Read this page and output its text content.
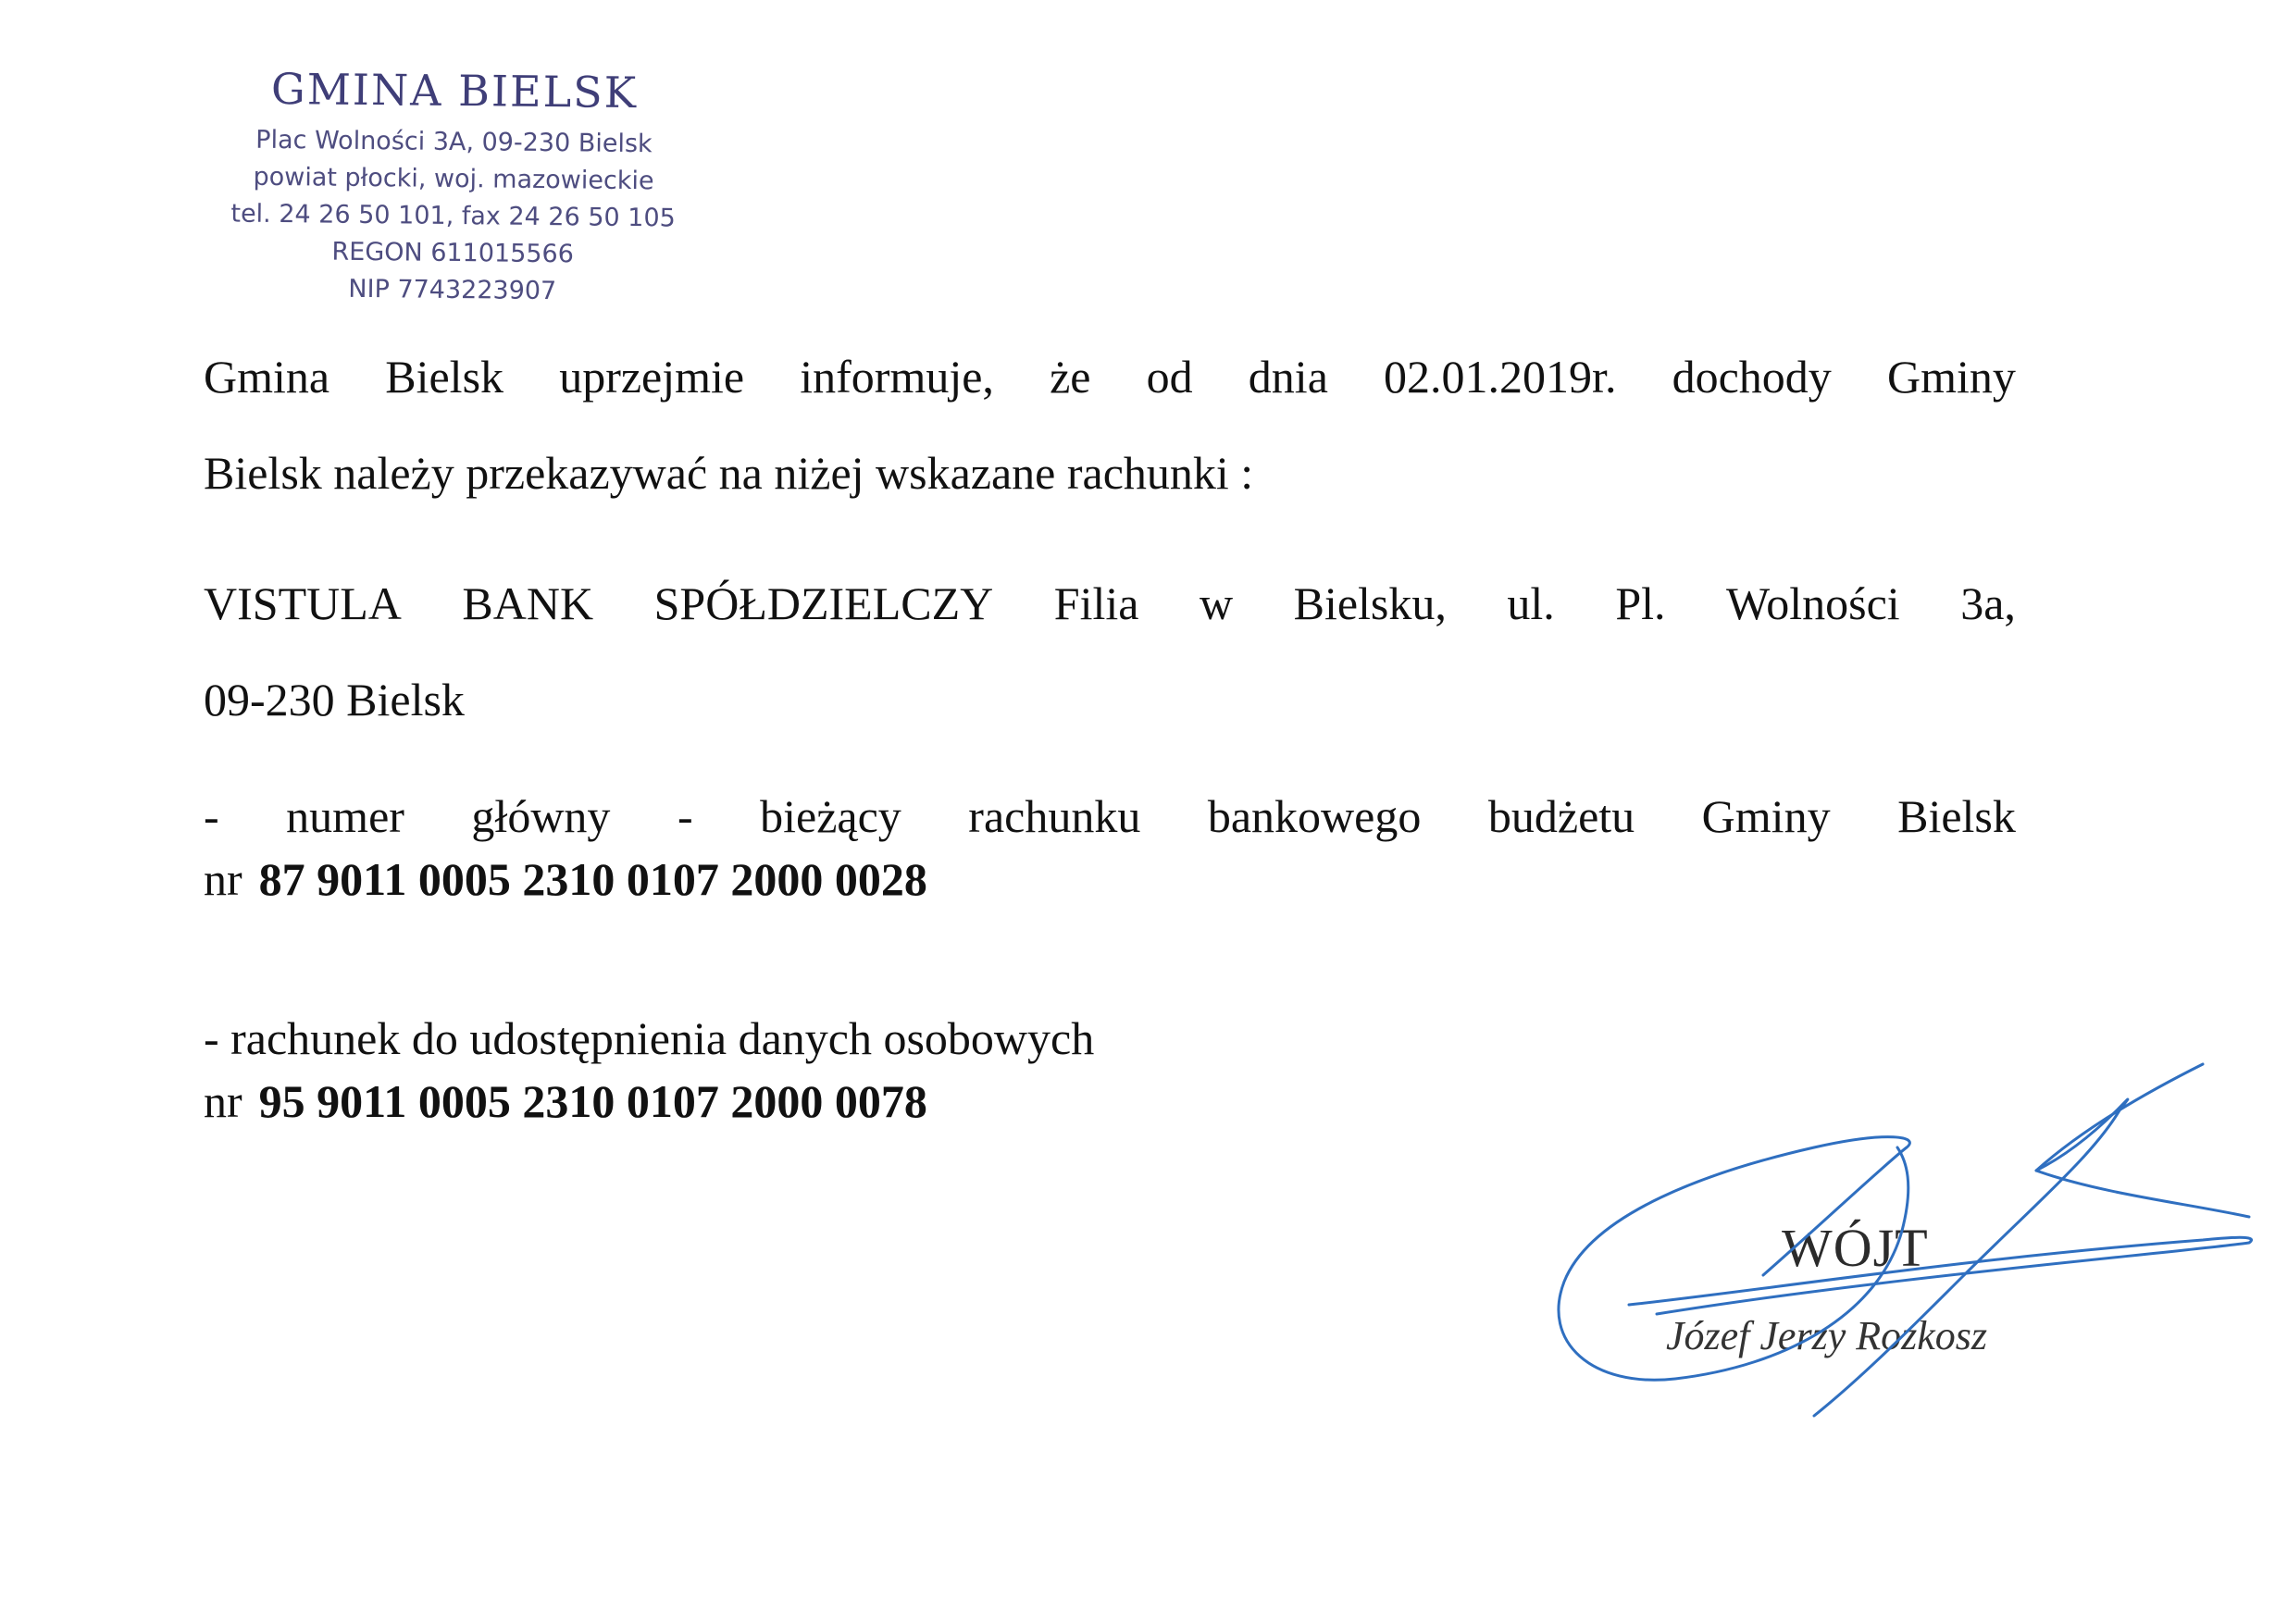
GMINA BIELSK
Plac Wolności 3A, 09-230 Bielsk
powiat płocki, woj. mazowieckie
tel. 24 26 50 101, fax 24 26 50 105
REGON 611015566
NIP 7743223907
Gmina Bielsk uprzejmie informuje, że od dnia 02.01.2019r. dochody Gminy
Bielsk należy przekazywać na niżej wskazane rachunki :
VISTULA BANK SPÓŁDZIELCZY Filia w Bielsku, ul. Pl. Wolności 3a,
09-230 Bielsk
- numer główny - bieżący rachunku bankowego budżetu Gminy Bielsk
nr 87 9011 0005 2310 0107 2000 0028
- rachunek do udostępnienia danych osobowych
nr 95 9011 0005 2310 0107 2000 0078
WÓJT
Józef Jerzy Rozkosz
